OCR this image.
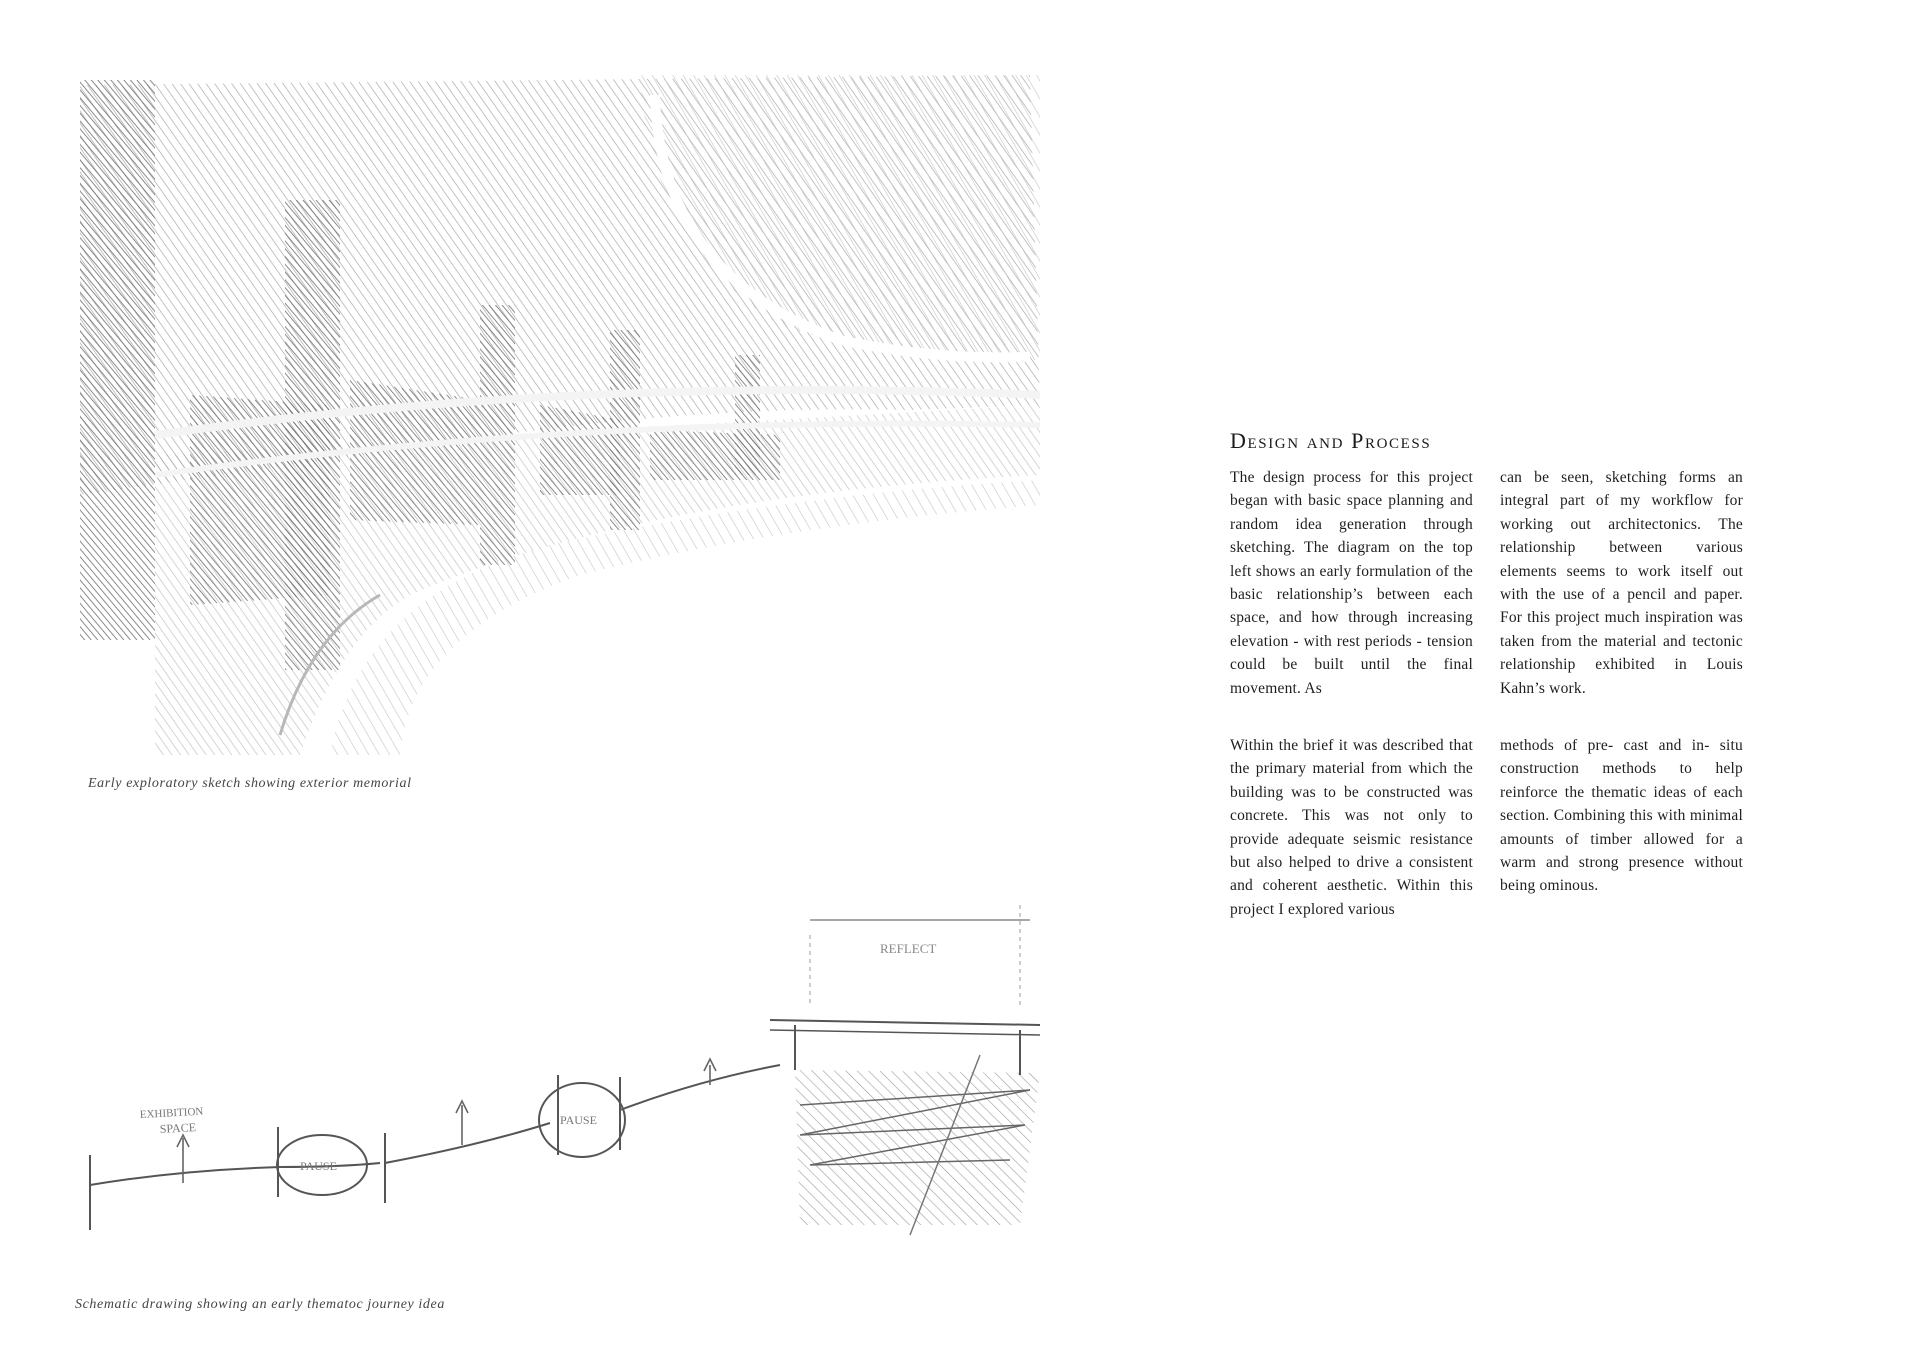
Early exploratory sketch showing exterior memorial
EXHIBITION
SPACE
PAUSE
PAUSE
REFLECT
Schematic drawing showing an early thematoc journey idea
Design and Process

The design process for this project began with basic space planning and random idea generation through sketching. The diagram on the top left shows an early formulation of the basic relationship’s between each space, and how through increasing elevation - with rest periods - tension could be built until the final movement. As

can be seen, sketching forms an integral part of my workflow for working out architectonics. The relationship between various elements seems to work itself out with the use of a pencil and paper. For this project much inspiration was taken from the material and tectonic relationship exhibited in Louis Kahn’s work.

Within the brief it was described that the primary material from which the building was to be constructed was concrete. This was not only to provide adequate seismic resistance but also helped to drive a consistent and coherent aesthetic. Within this project I explored various

methods of pre- cast and in- situ construction methods to help reinforce the thematic ideas of each section. Combining this with minimal amounts of timber allowed for a warm and strong presence without being ominous.
